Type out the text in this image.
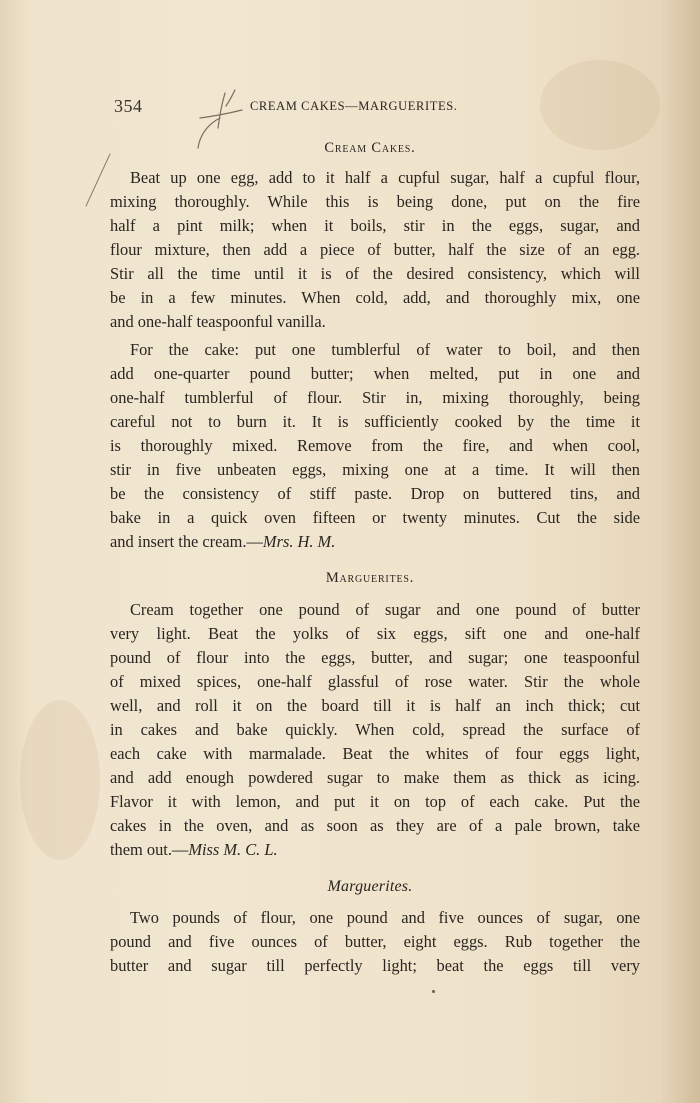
354	CREAM CAKES—MARGUERITES.
Cream Cakes.
Beat up one egg, add to it half a cupful sugar, half a cupful flour,
mixing thoroughly. While this is being done, put on the fire
half a pint milk; when it boils, stir in the eggs, sugar, and
flour mixture, then add a piece of butter, half the size of an egg.
Stir all the time until it is of the desired consistency, which will
be in a few minutes. When cold, add, and thoroughly mix, one
and one-half teaspoonful vanilla.
For the cake: put one tumblerful of water to boil, and then
add one-quarter pound butter; when melted, put in one and
one-half tumblerful of flour. Stir in, mixing thoroughly, being
careful not to burn it. It is sufficiently cooked by the time it
is thoroughly mixed. Remove from the fire, and when cool,
stir in five unbeaten eggs, mixing one at a time. It will then
be the consistency of stiff paste. Drop on buttered tins, and
bake in a quick oven fifteen or twenty minutes. Cut the side
and insert the cream.—Mrs. H. M.
Marguerites.
Cream together one pound of sugar and one pound of butter
very light. Beat the yolks of six eggs, sift one and one-half
pound of flour into the eggs, butter, and sugar; one teaspoonful
of mixed spices, one-half glassful of rose water. Stir the whole
well, and roll it on the board till it is half an inch thick; cut
in cakes and bake quickly. When cold, spread the surface of
each cake with marmalade. Beat the whites of four eggs light,
and add enough powdered sugar to make them as thick as icing.
Flavor it with lemon, and put it on top of each cake. Put the
cakes in the oven, and as soon as they are of a pale brown, take
them out.—Miss M. C. L.
Marguerites.
Two pounds of flour, one pound and five ounces of sugar, one
pound and five ounces of butter, eight eggs. Rub together the
butter and sugar till perfectly light; beat the eggs till very
